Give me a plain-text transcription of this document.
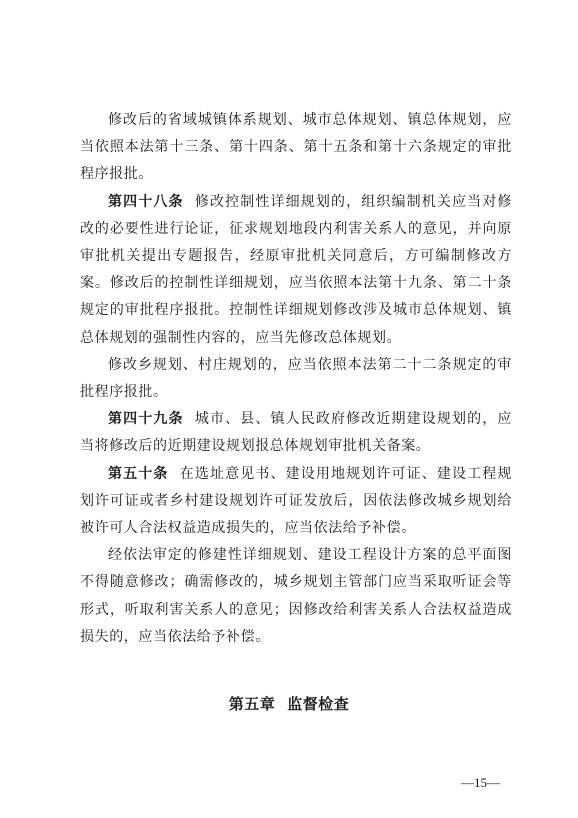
修改后的省域城镇体系规划、城市总体规划、镇总体规划，应当依照本法第十三条、第十四条、第十五条和第十六条规定的审批程序报批。

第四十八条 修改控制性详细规划的，组织编制机关应当对修改的必要性进行论证，征求规划地段内利害关系人的意见，并向原审批机关提出专题报告，经原审批机关同意后，方可编制修改方案。修改后的控制性详细规划，应当依照本法第十九条、第二十条规定的审批程序报批。控制性详细规划修改涉及城市总体规划、镇总体规划的强制性内容的，应当先修改总体规划。

修改乡规划、村庄规划的，应当依照本法第二十二条规定的审批程序报批。

第四十九条 城市、县、镇人民政府修改近期建设规划的，应当将修改后的近期建设规划报总体规划审批机关备案。

第五十条 在选址意见书、建设用地规划许可证、建设工程规划许可证或者乡村建设规划许可证发放后，因依法修改城乡规划给被许可人合法权益造成损失的，应当依法给予补偿。

经依法审定的修建性详细规划、建设工程设计方案的总平面图不得随意修改；确需修改的，城乡规划主管部门应当采取听证会等形式，听取利害关系人的意见；因修改给利害关系人合法权益造成损失的，应当依法给予补偿。

第五章 监督检查
—15—
